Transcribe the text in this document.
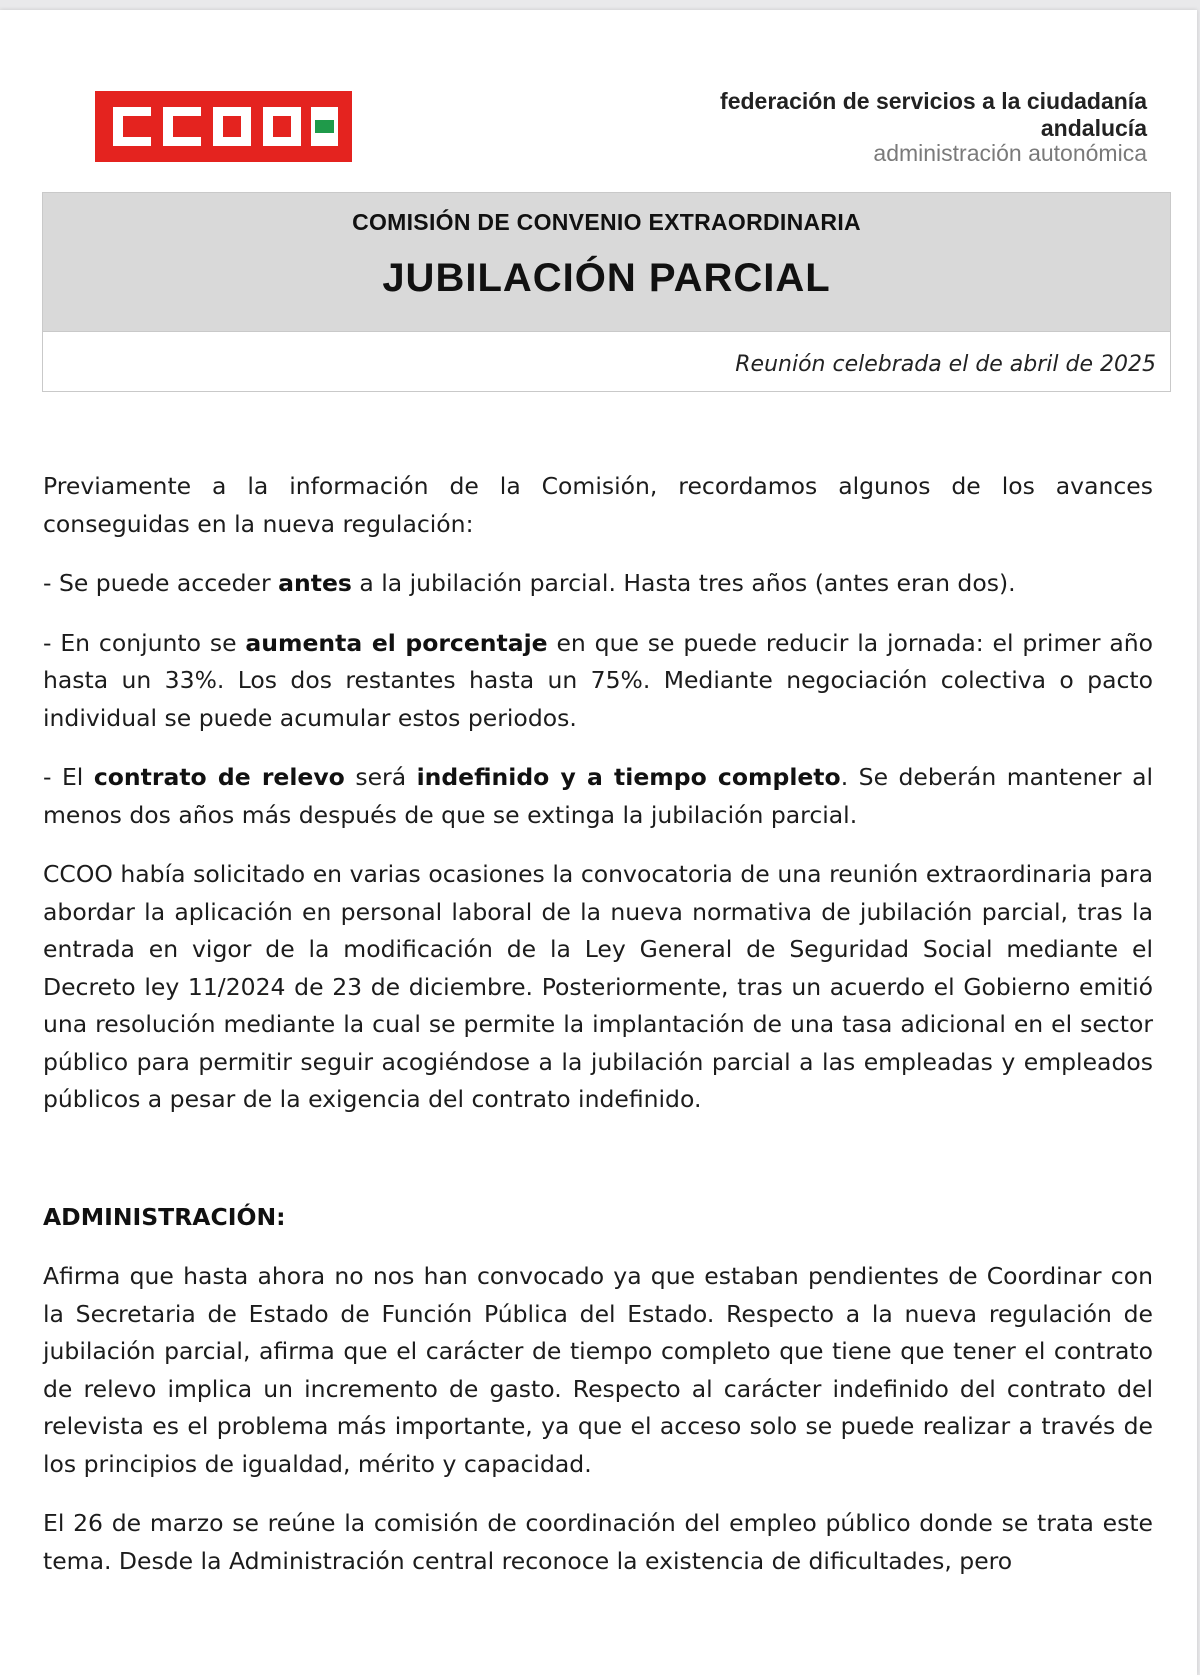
federación de servicios a la ciudadanía
andalucía
administración autonómica
COMISIÓN DE CONVENIO EXTRAORDINARIA
JUBILACIÓN PARCIAL
Reunión celebrada el de abril de 2025

Previamente a la información de la Comisión, recordamos algunos de los avances conseguidas en la nueva regulación:

- Se puede acceder antes a la jubilación parcial. Hasta tres años (antes eran dos).

- En conjunto se aumenta el porcentaje en que se puede reducir la jornada: el primer año hasta un 33%. Los dos restantes hasta un 75%. Mediante negociación colectiva o pacto individual se puede acumular estos periodos.

- El contrato de relevo será indefinido y a tiempo completo. Se deberán mantener al menos dos años más después de que se extinga la jubilación parcial.

CCOO había solicitado en varias ocasiones la convocatoria de una reunión extraordinaria para abordar la aplicación en personal laboral de la nueva normativa de jubilación parcial, tras la entrada en vigor de la modificación de la Ley General de Seguridad Social mediante el Decreto ley 11/2024 de 23 de diciembre. Posteriormente, tras un acuerdo el Gobierno emitió una resolución mediante la cual se permite la implantación de una tasa adicional en el sector público para permitir seguir acogiéndose a la jubilación parcial a las empleadas y empleados públicos a pesar de la exigencia del contrato indefinido.

ADMINISTRACIÓN:

Afirma que hasta ahora no nos han convocado ya que estaban pendientes de Coordinar con la Secretaria de Estado de Función Pública del Estado. Respecto a la nueva regulación de jubilación parcial, afirma que el carácter de tiempo completo que tiene que tener el contrato de relevo implica un incremento de gasto. Respecto al carácter indefinido del contrato del relevista es el problema más importante, ya que el acceso solo se puede realizar a través de los principios de igualdad, mérito y capacidad.

El 26 de marzo se reúne la comisión de coordinación del empleo público donde se trata este tema. Desde la Administración central reconoce la existencia de dificultades, pero
